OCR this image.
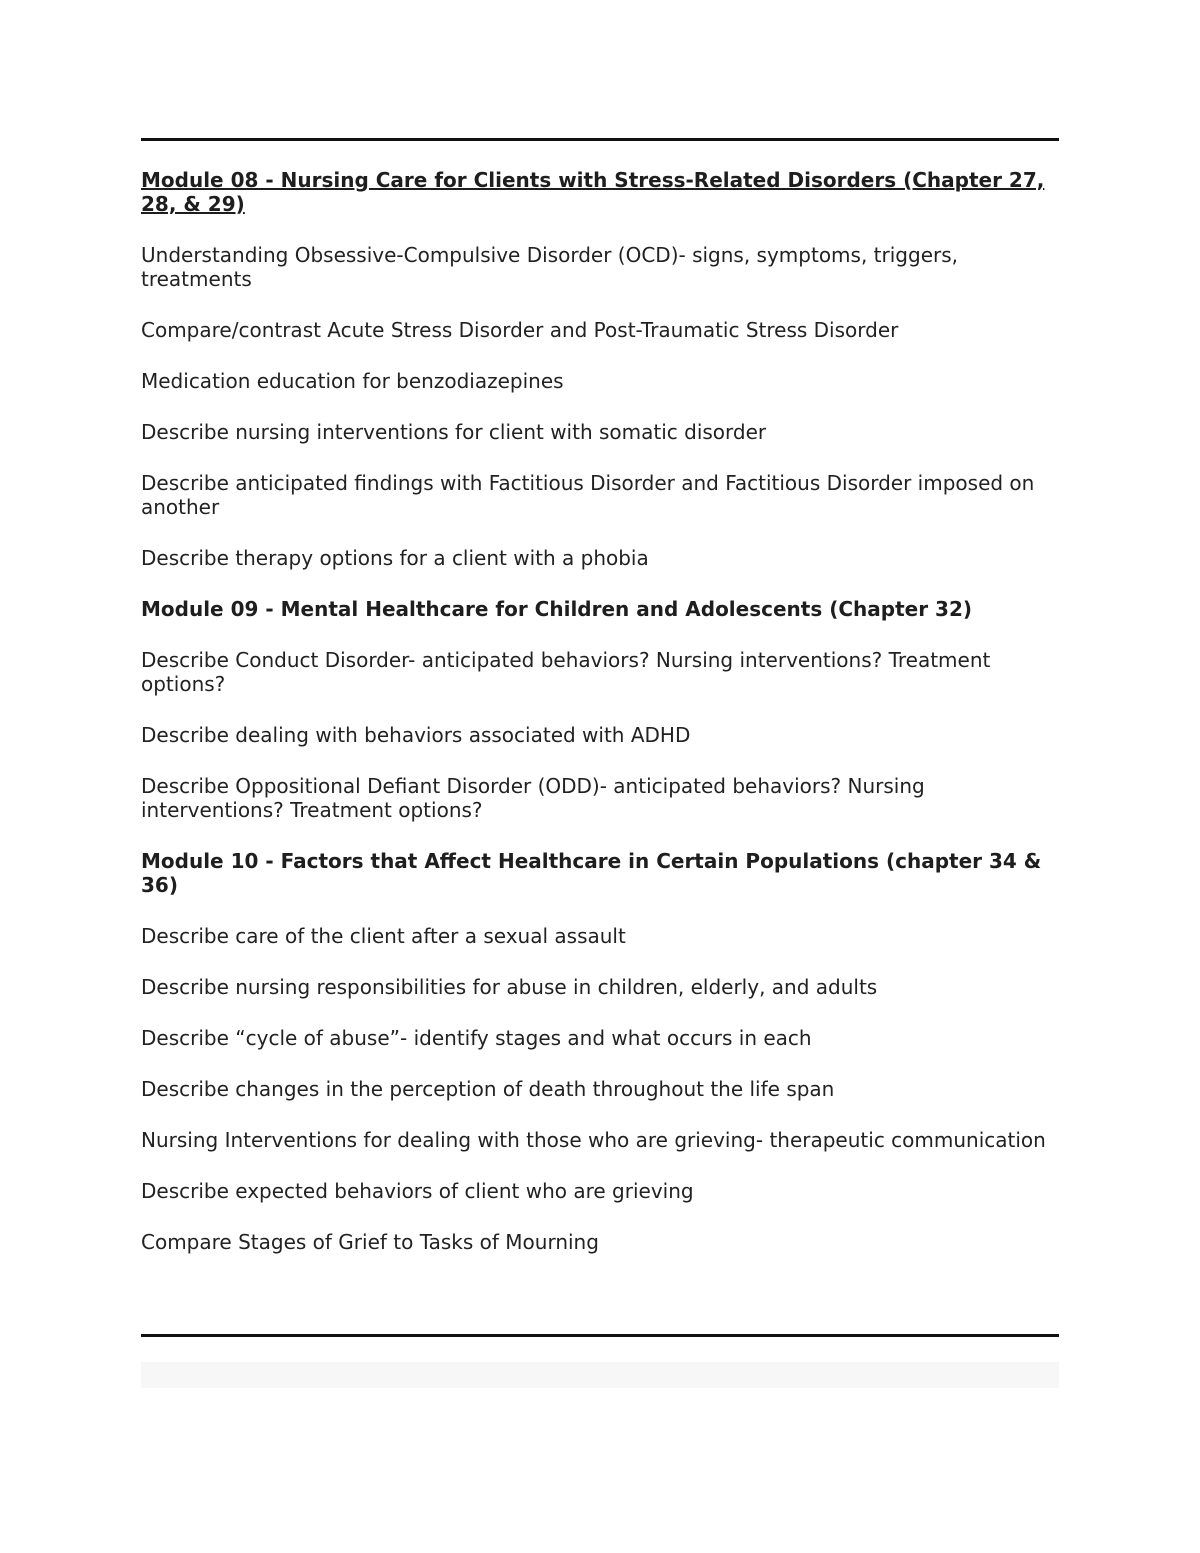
Module 08 - Nursing Care for Clients with Stress-Related Disorders (Chapter 27, 28, & 29)
Understanding Obsessive-Compulsive Disorder (OCD)- signs, symptoms, triggers, treatments
Compare/contrast Acute Stress Disorder and Post-Traumatic Stress Disorder
Medication education for benzodiazepines
Describe nursing interventions for client with somatic disorder
Describe anticipated findings with Factitious Disorder and Factitious Disorder imposed on another
Describe therapy options for a client with a phobia
Module 09 - Mental Healthcare for Children and Adolescents (Chapter 32)
Describe Conduct Disorder- anticipated behaviors? Nursing interventions? Treatment options?
Describe dealing with behaviors associated with ADHD
Describe Oppositional Defiant Disorder (ODD)- anticipated behaviors? Nursing interventions? Treatment options?
Module 10 - Factors that Affect Healthcare in Certain Populations (chapter 34 & 36)
Describe care of the client after a sexual assault
Describe nursing responsibilities for abuse in children, elderly, and adults
Describe “cycle of abuse”- identify stages and what occurs in each
Describe changes in the perception of death throughout the life span
Nursing Interventions for dealing with those who are grieving- therapeutic communication
Describe expected behaviors of client who are grieving
Compare Stages of Grief to Tasks of Mourning
